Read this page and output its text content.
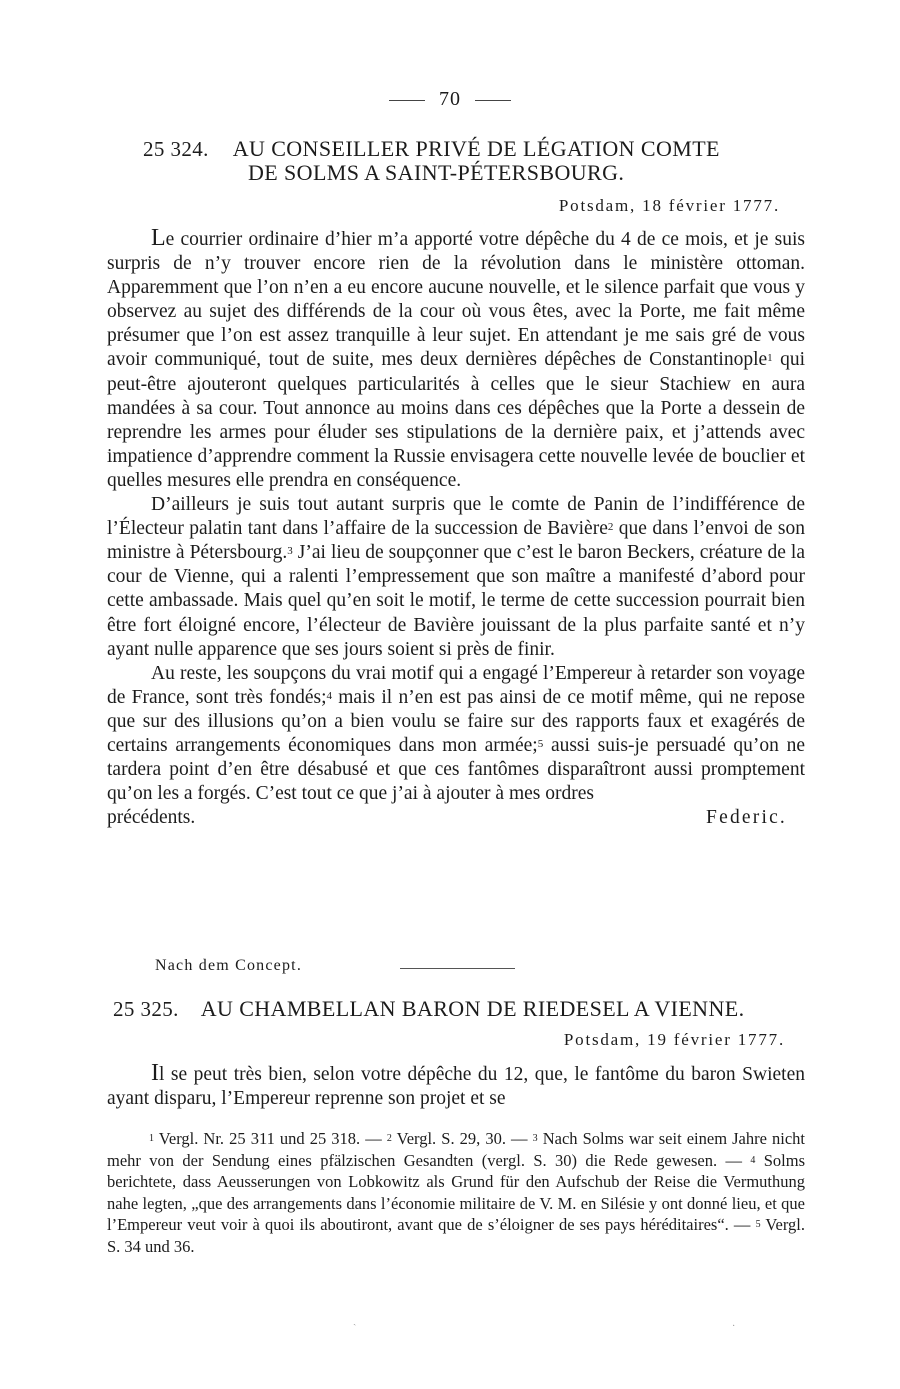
70
25 324. AU CONSEILLER PRIVÉ DE LÉGATION COMTE
DE SOLMS A SAINT-PÉTERSBOURG.
Potsdam, 18 février 1777.

Le courrier ordinaire d’hier m’a apporté votre dépêche du 4 de ce mois, et je suis surpris de n’y trouver encore rien de la révolution dans le ministère ottoman. Apparemment que l’on n’en a eu encore aucune nouvelle, et le silence parfait que vous y observez au sujet des différends de la cour où vous êtes, avec la Porte, me fait même présumer que l’on est assez tranquille à leur sujet. En attendant je me sais gré de vous avoir communiqué, tout de suite, mes deux dernières dépêches de Constantinople$^1$ qui peut-être ajouteront quelques particularités à celles que le sieur Stachiew en aura mandées à sa cour. Tout annonce au moins dans ces dépêches que la Porte a dessein de reprendre les armes pour éluder ses stipulations de la dernière paix, et j’attends avec impatience d’apprendre comment la Russie envisagera cette nouvelle levée de bouclier et quelles mesures elle prendra en conséquence.

D’ailleurs je suis tout autant surpris que le comte de Panin de l’indifférence de l’Électeur palatin tant dans l’affaire de la succession de Bavière$^2$ que dans l’envoi de son ministre à Pétersbourg.$^3$ J’ai lieu de soupçonner que c’est le baron Beckers, créature de la cour de Vienne, qui a ralenti l’empressement que son maître a manifesté d’abord pour cette ambassade. Mais quel qu’en soit le motif, le terme de cette succession pourrait bien être fort éloigné encore, l’électeur de Bavière jouissant de la plus parfaite santé et n’y ayant nulle apparence que ses jours soient si près de finir.

Au reste, les soupçons du vrai motif qui a engagé l’Empereur à retarder son voyage de France, sont très fondés;$^4$ mais il n’en est pas ainsi de ce motif même, qui ne repose que sur des illusions qu’on a bien voulu se faire sur des rapports faux et exagérés de certains arrangements économiques dans mon armée;$^5$ aussi suis-je persuadé qu’on ne tardera point d’en être désabusé et que ces fantômes disparaîtront aussi promptement qu’on les a forgés. C’est tout ce que j’ai à ajouter à mes ordres

précédents.	Federic.
Nach dem Concept.
25 325. AU CHAMBELLAN BARON DE RIEDESEL A VIENNE.
Potsdam, 19 février 1777.

Il se peut très bien, selon votre dépêche du 12, que, le fantôme du baron Swieten ayant disparu, l’Empereur reprenne son projet et se

$^1$ Vergl. Nr. 25 311 und 25 318. — $^2$ Vergl. S. 29, 30. — $^3$ Nach Solms war seit einem Jahre nicht mehr von der Sendung eines pfälzischen Gesandten (vergl. S. 30) die Rede gewesen. — $^4$ Solms berichtete, dass Aeusserungen von Lobkowitz als Grund für den Aufschub der Reise die Vermuthung nahe legten, „que des arrangements dans l’économie militaire de V. M. en Silésie y ont donné lieu, et que l’Empereur veut voir à quoi ils aboutiront, avant que de s’éloigner de ses pays héréditaires“. — $^5$ Vergl. S. 34 und 36.

ˏ
·
